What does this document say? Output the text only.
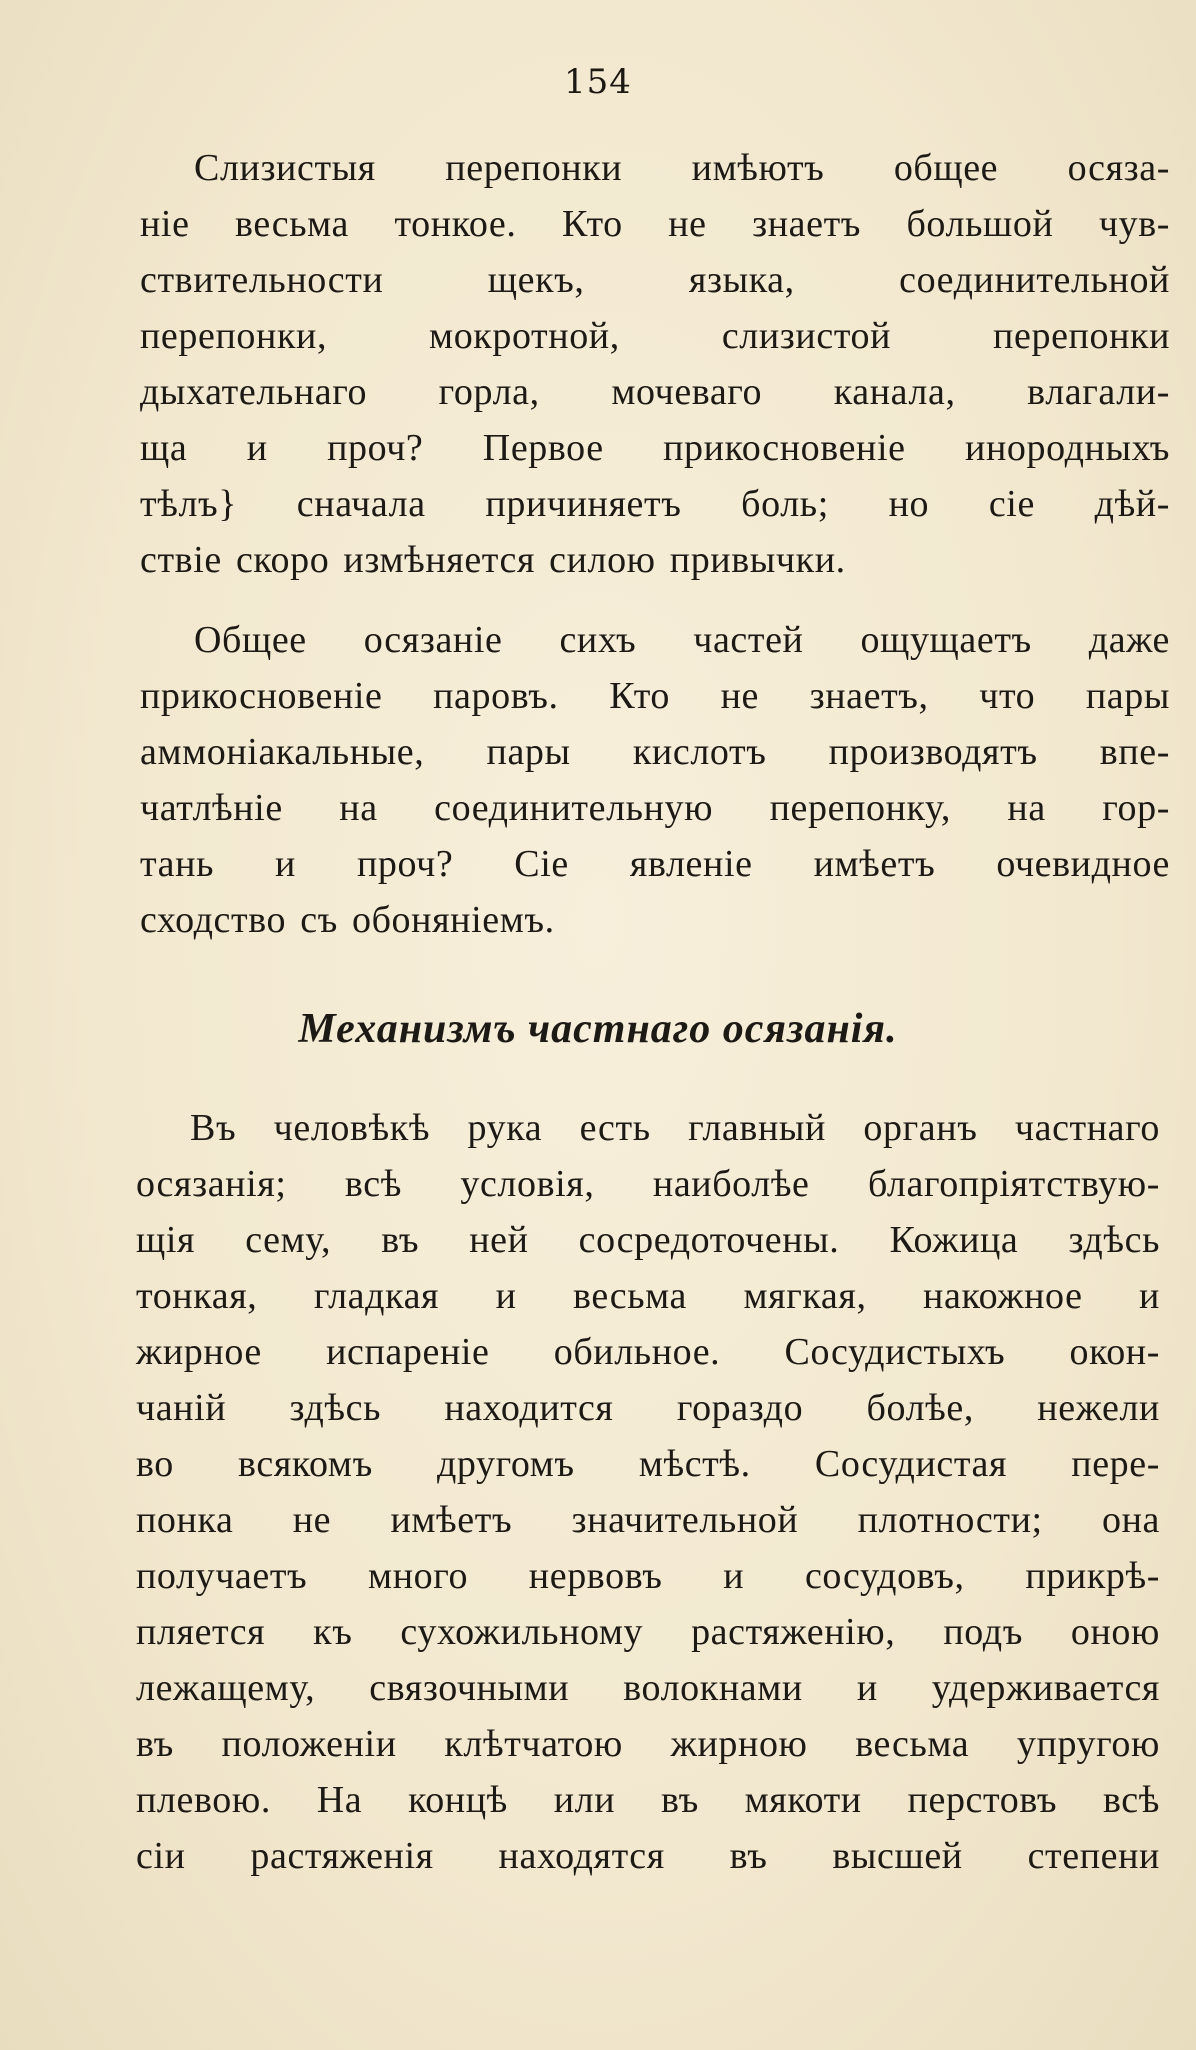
154
Слизистыя перепонки имѣютъ общее осяза-
ніе весьма тонкое. Кто не знаетъ большой чув-
ствительности щекъ, языка, соединительной
перепонки, мокротной, слизистой перепонки
дыхательнаго горла, мочеваго канала, влагали-
ща и проч? Первое прикосновеніе инородныхъ
тѣлъ} сначала причиняетъ боль; но сіе дѣй-
ствіе скоро измѣняется силою привычки.
Общее осязаніе сихъ частей ощущаетъ даже
прикосновеніе паровъ. Кто не знаетъ, что пары
аммоніакальные, пары кислотъ производятъ впе-
чатлѣніе на соединительную перепонку, на гор-
тань и проч? Сіе явленіе имѣетъ очевидное
сходство съ обоняніемъ.
Механизмъ частнаго осязанія.
Въ человѣкѣ рука есть главный органъ частнаго
осязанія; всѣ условія, наиболѣе благопріятствую-
щія сему, въ ней сосредоточены. Кожица здѣсь
тонкая, гладкая и весьма мягкая, накожное и
жирное испареніе обильное. Сосудистыхъ окон-
чаній здѣсь находится гораздо болѣе, нежели
во всякомъ другомъ мѣстѣ. Сосудистая пере-
понка не имѣетъ значительной плотности; она
получаетъ много нервовъ и сосудовъ, прикрѣ-
пляется къ сухожильному растяженію, подъ оною
лежащему, связочными волокнами и удерживается
въ положеніи клѣтчатою жирною весьма упругою
плевою. На концѣ или въ мякоти перстовъ всѣ
сіи растяженія находятся въ высшей степени
